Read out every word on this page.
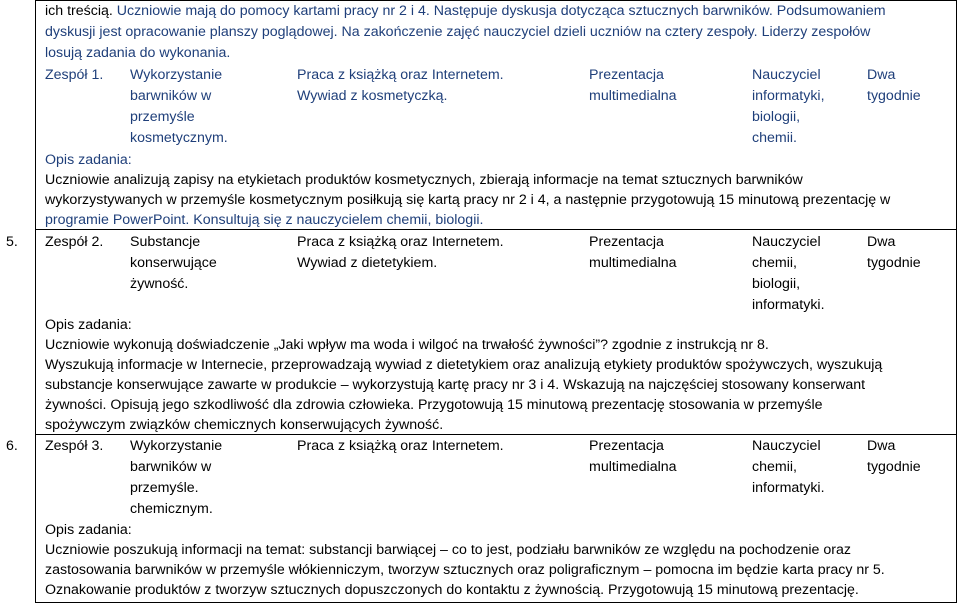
ich treścią. Uczniowie mają do pomocy kartami pracy nr 2 i 4. Następuje dyskusja dotycząca sztucznych barwników. Podsumowaniem
dyskusji jest opracowanie planszy poglądowej. Na zakończenie zajęć nauczyciel dzieli uczniów na cztery zespoły. Liderzy zespołów
losują zadania do wykonania.
Zespół 1. Wykorzystanie
barwników w
przemyśle
kosmetycznym.
Praca z książką oraz Internetem.
Wywiad z kosmetyczką.
Prezentacja
multimedialna
Nauczyciel
informatyki,
biologii,
chemii.
Dwa
tygodnie
Opis zadania:
Uczniowie analizują zapisy na etykietach produktów kosmetycznych, zbierają informacje na temat sztucznych barwników
wykorzystywanych w przemyśle kosmetycznym posiłkują się kartą pracy nr 2 i 4, a następnie przygotowują 15 minutową prezentację w
programie PowerPoint. Konsultują się z nauczycielem chemii, biologii.
5. Zespół 2. Substancje
konserwujące
żywność.
Praca z książką oraz Internetem.
Wywiad z dietetykiem.
Prezentacja
multimedialna
Nauczyciel
chemii,
biologii,
informatyki.
Dwa
tygodnie
Opis zadania:
Uczniowie wykonują doświadczenie „Jaki wpływ ma woda i wilgoć na trwałość żywności”? zgodnie z instrukcją nr 8.
Wyszukują informacje w Internecie, przeprowadzają wywiad z dietetykiem oraz analizują etykiety produktów spożywczych, wyszukują
substancje konserwujące zawarte w produkcie – wykorzystują kartę pracy nr 3 i 4. Wskazują na najczęściej stosowany konserwant
żywności. Opisują jego szkodliwość dla zdrowia człowieka. Przygotowują 15 minutową prezentację stosowania w przemyśle
spożywczym związków chemicznych konserwujących żywność.
6. Zespół 3. Wykorzystanie
barwników w
przemyśle.
chemicznym.
Praca z książką oraz Internetem.	Prezentacja
multimedialna
Nauczyciel
chemii,
informatyki.
Dwa
tygodnie
Opis zadania:
Uczniowie poszukują informacji na temat: substancji barwiącej – co to jest, podziału barwników ze względu na pochodzenie oraz
zastosowania barwników w przemyśle włókienniczym, tworzyw sztucznych oraz poligraficznym – pomocna im będzie karta pracy nr 5.
Oznakowanie produktów z tworzyw sztucznych dopuszczonych do kontaktu z żywnością. Przygotowują 15 minutową prezentację.
